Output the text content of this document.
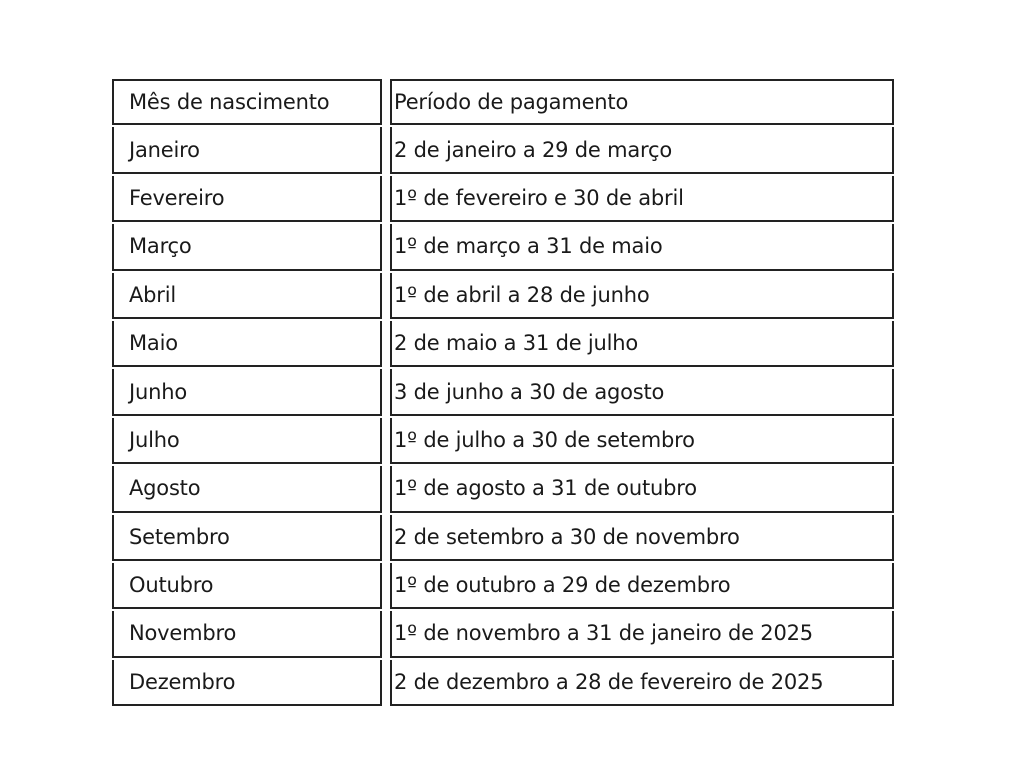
Mês de nascimento	Período de pagamento
Janeiro	2 de janeiro a 29 de março
Fevereiro	1º de fevereiro e 30 de abril
Março	1º de março a 31 de maio
Abril	1º de abril a 28 de junho
Maio	2 de maio a 31 de julho
Junho	3 de junho a 30 de agosto
Julho	1º de julho a 30 de setembro
Agosto	1º de agosto a 31 de outubro
Setembro	2 de setembro a 30 de novembro
Outubro	1º de outubro a 29 de dezembro
Novembro	1º de novembro a 31 de janeiro de 2025
Dezembro	2 de dezembro a 28 de fevereiro de 2025
